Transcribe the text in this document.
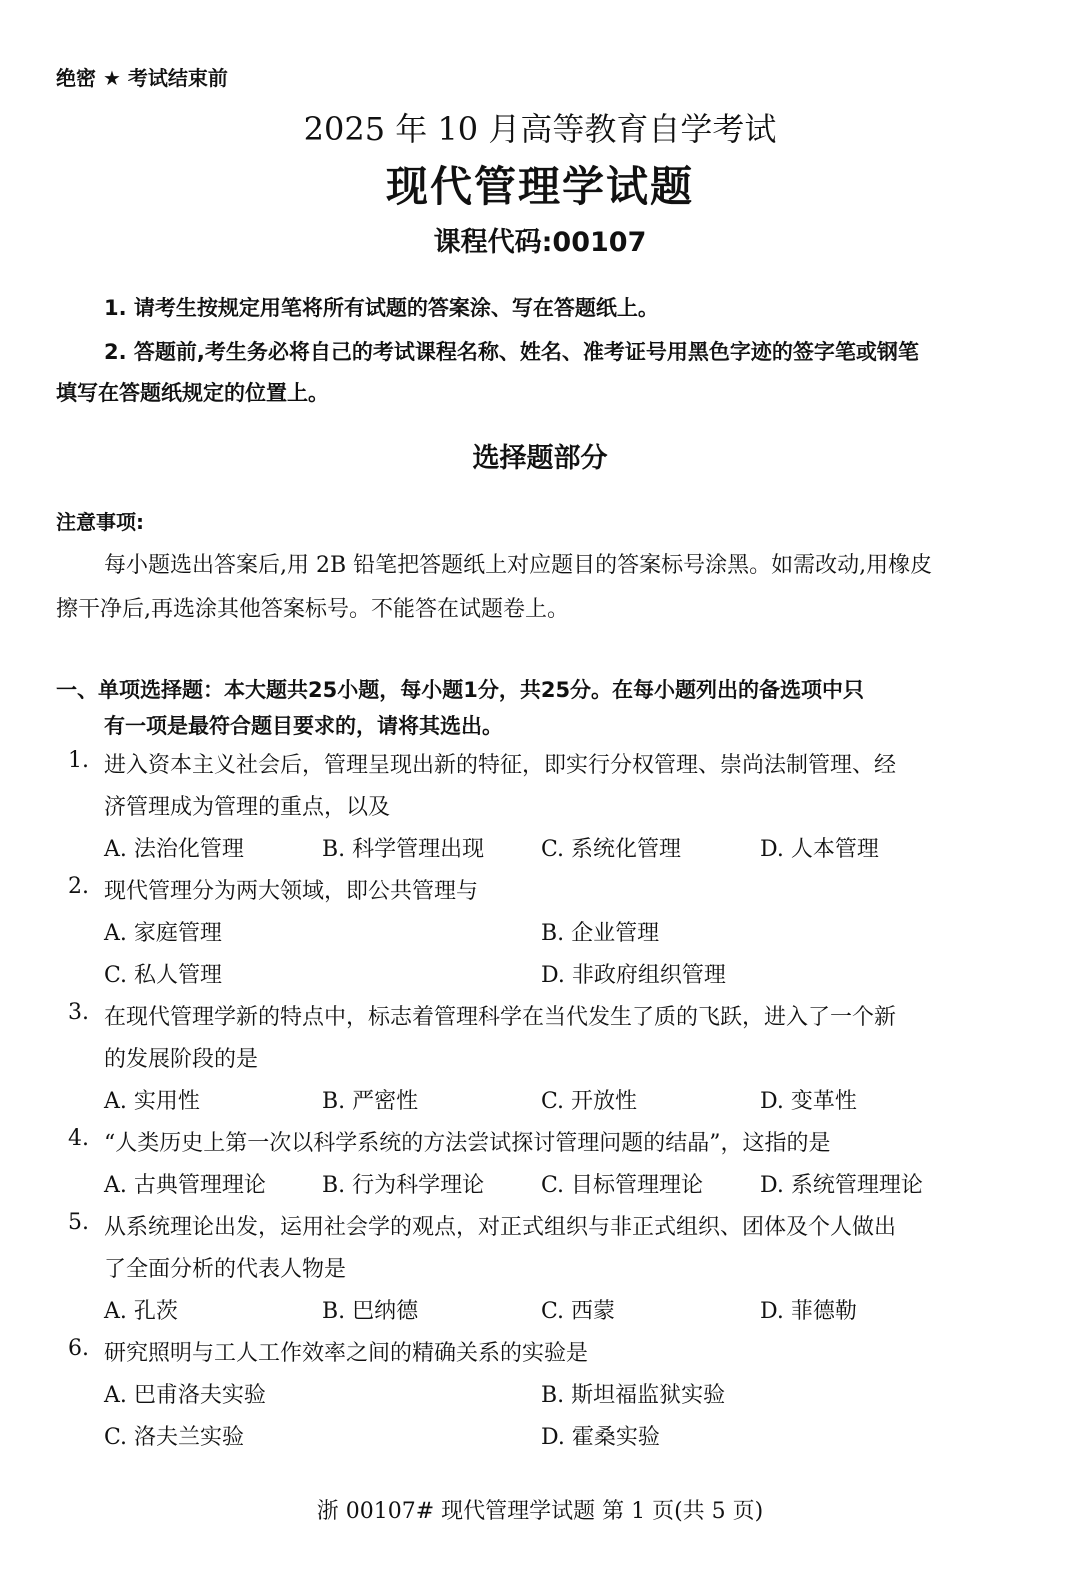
绝密 ★ 考试结束前
2025 年 10 月高等教育自学考试
现代管理学试题
课程代码:00107
1. 请考生按规定用笔将所有试题的答案涂、写在答题纸上。
2. 答题前,考生务必将自己的考试课程名称、姓名、准考证号用黑色字迹的签字笔或钢笔
填写在答题纸规定的位置上。
选择题部分
注意事项:
每小题选出答案后,用 2B 铅笔把答题纸上对应题目的答案标号涂黑。如需改动,用橡皮
擦干净后,再选涂其他答案标号。不能答在试题卷上。
一、单项选择题：本大题共25小题，每小题1分，共25分。在每小题列出的备选项中只
有一项是最符合题目要求的，请将其选出。
1. 进入资本主义社会后，管理呈现出新的特征，即实行分权管理、崇尚法制管理、经
济管理成为管理的重点，以及
A. 法治化管理	B. 科学管理出现	C. 系统化管理	D. 人本管理
2. 现代管理分为两大领域，即公共管理与
A. 家庭管理	B. 企业管理
C. 私人管理	D. 非政府组织管理
3. 在现代管理学新的特点中，标志着管理科学在当代发生了质的飞跃，进入了一个新
的发展阶段的是
A. 实用性	B. 严密性	C. 开放性	D. 变革性
4. “人类历史上第一次以科学系统的方法尝试探讨管理问题的结晶”，这指的是
A. 古典管理理论	B. 行为科学理论	C. 目标管理理论	D. 系统管理理论
5. 从系统理论出发，运用社会学的观点，对正式组织与非正式组织、团体及个人做出
了全面分析的代表人物是
A. 孔茨	B. 巴纳德	C. 西蒙	D. 菲德勒
6. 研究照明与工人工作效率之间的精确关系的实验是
A. 巴甫洛夫实验	B. 斯坦福监狱实验
C. 洛夫兰实验	D. 霍桑实验
浙 00107# 现代管理学试题 第 1 页(共 5 页)
